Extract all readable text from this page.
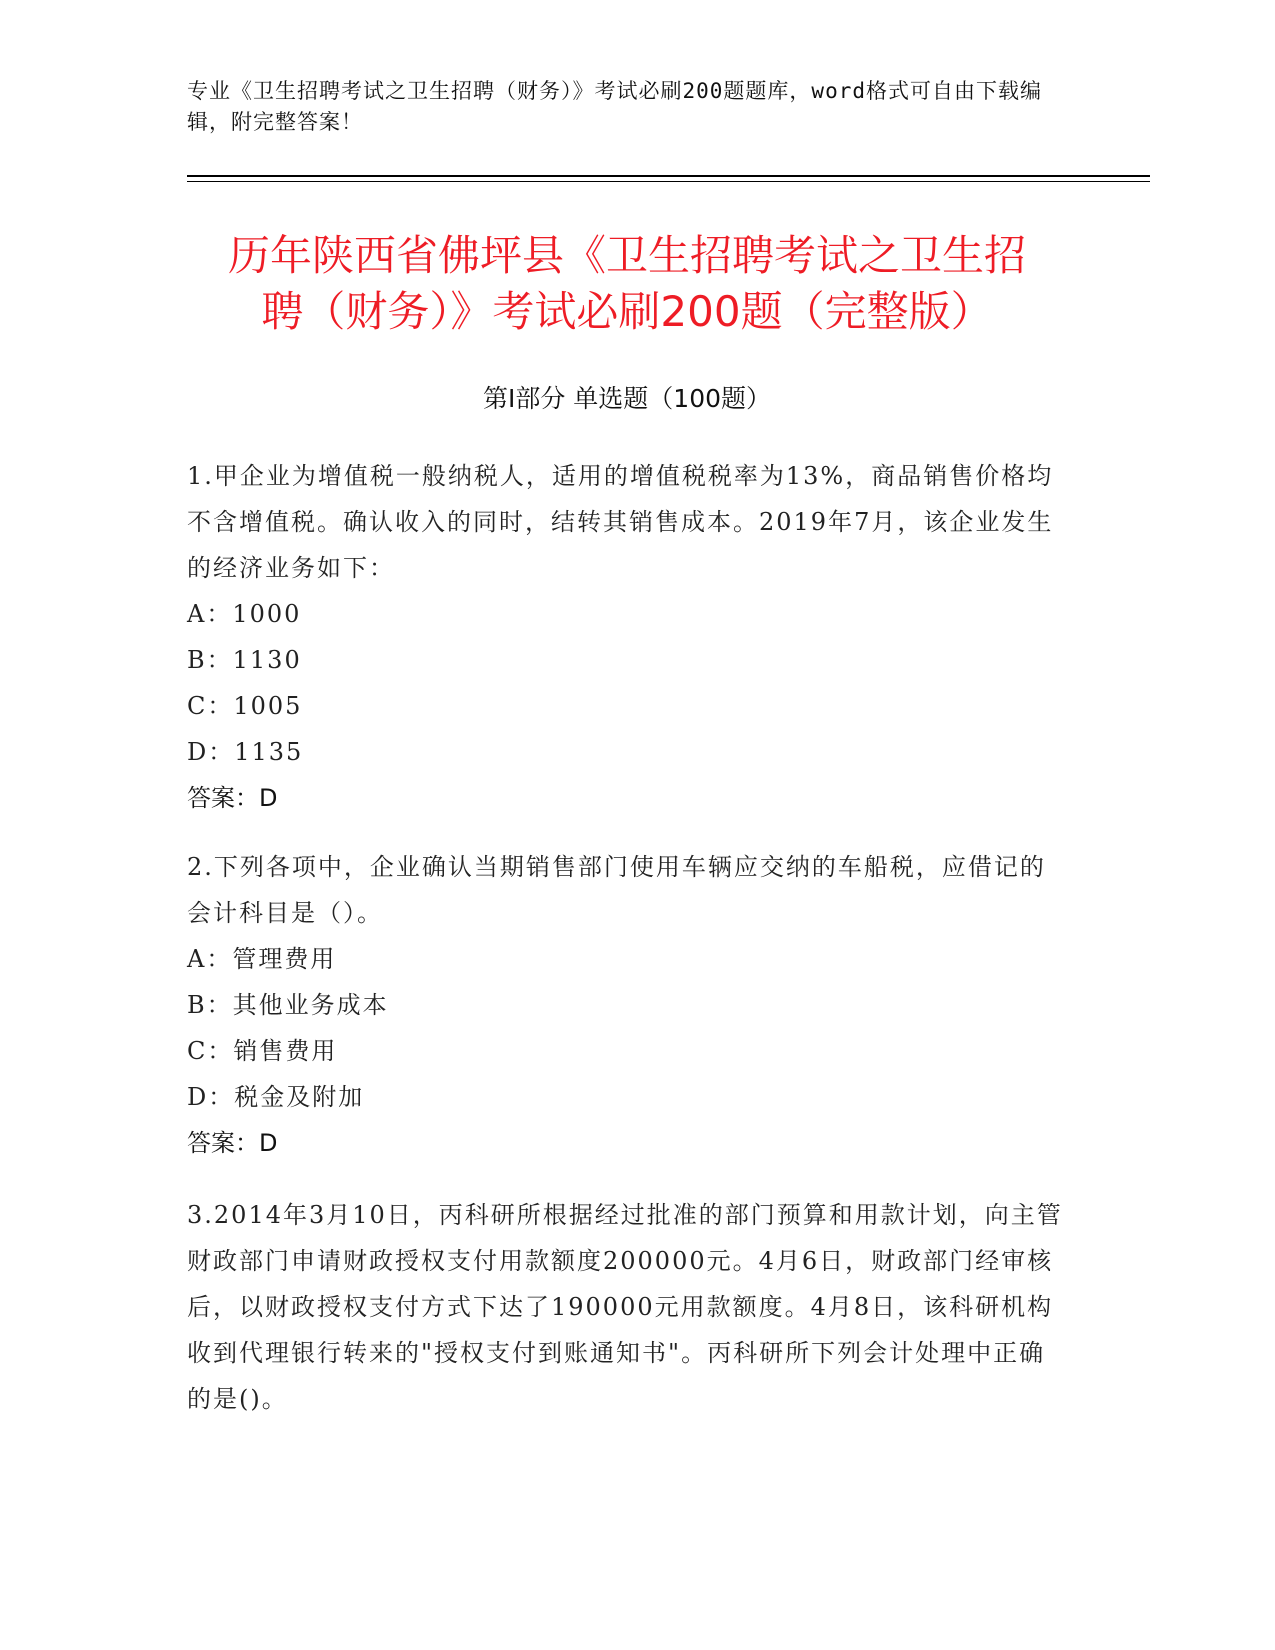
专业《卫生招聘考试之卫生招聘（财务）》考试必刷200题题库，word格式可自由下载编辑，附完整答案！
历年陕西省佛坪县《卫生招聘考试之卫生招
聘（财务）》考试必刷200题（完整版）
第Ⅰ部分 单选题（100题）
1.甲企业为增值税一般纳税人，适用的增值税税率为13%，商品销售价格均不含增值税。确认收入的同时，结转其销售成本。2019年7月，该企业发生的经济业务如下：
A：1000
B：1130
C：1005
D：1135
答案：D
2.下列各项中，企业确认当期销售部门使用车辆应交纳的车船税，应借记的会计科目是（）。
A：管理费用
B：其他业务成本
C：销售费用
D：税金及附加
答案：D
3.2014年3月10日，丙科研所根据经过批准的部门预算和用款计划，向主管财政部门申请财政授权支付用款额度200000元。4月6日，财政部门经审核后，以财政授权支付方式下达了190000元用款额度。4月8日，该科研机构收到代理银行转来的"授权支付到账通知书"。丙科研所下列会计处理中正确的是()。
